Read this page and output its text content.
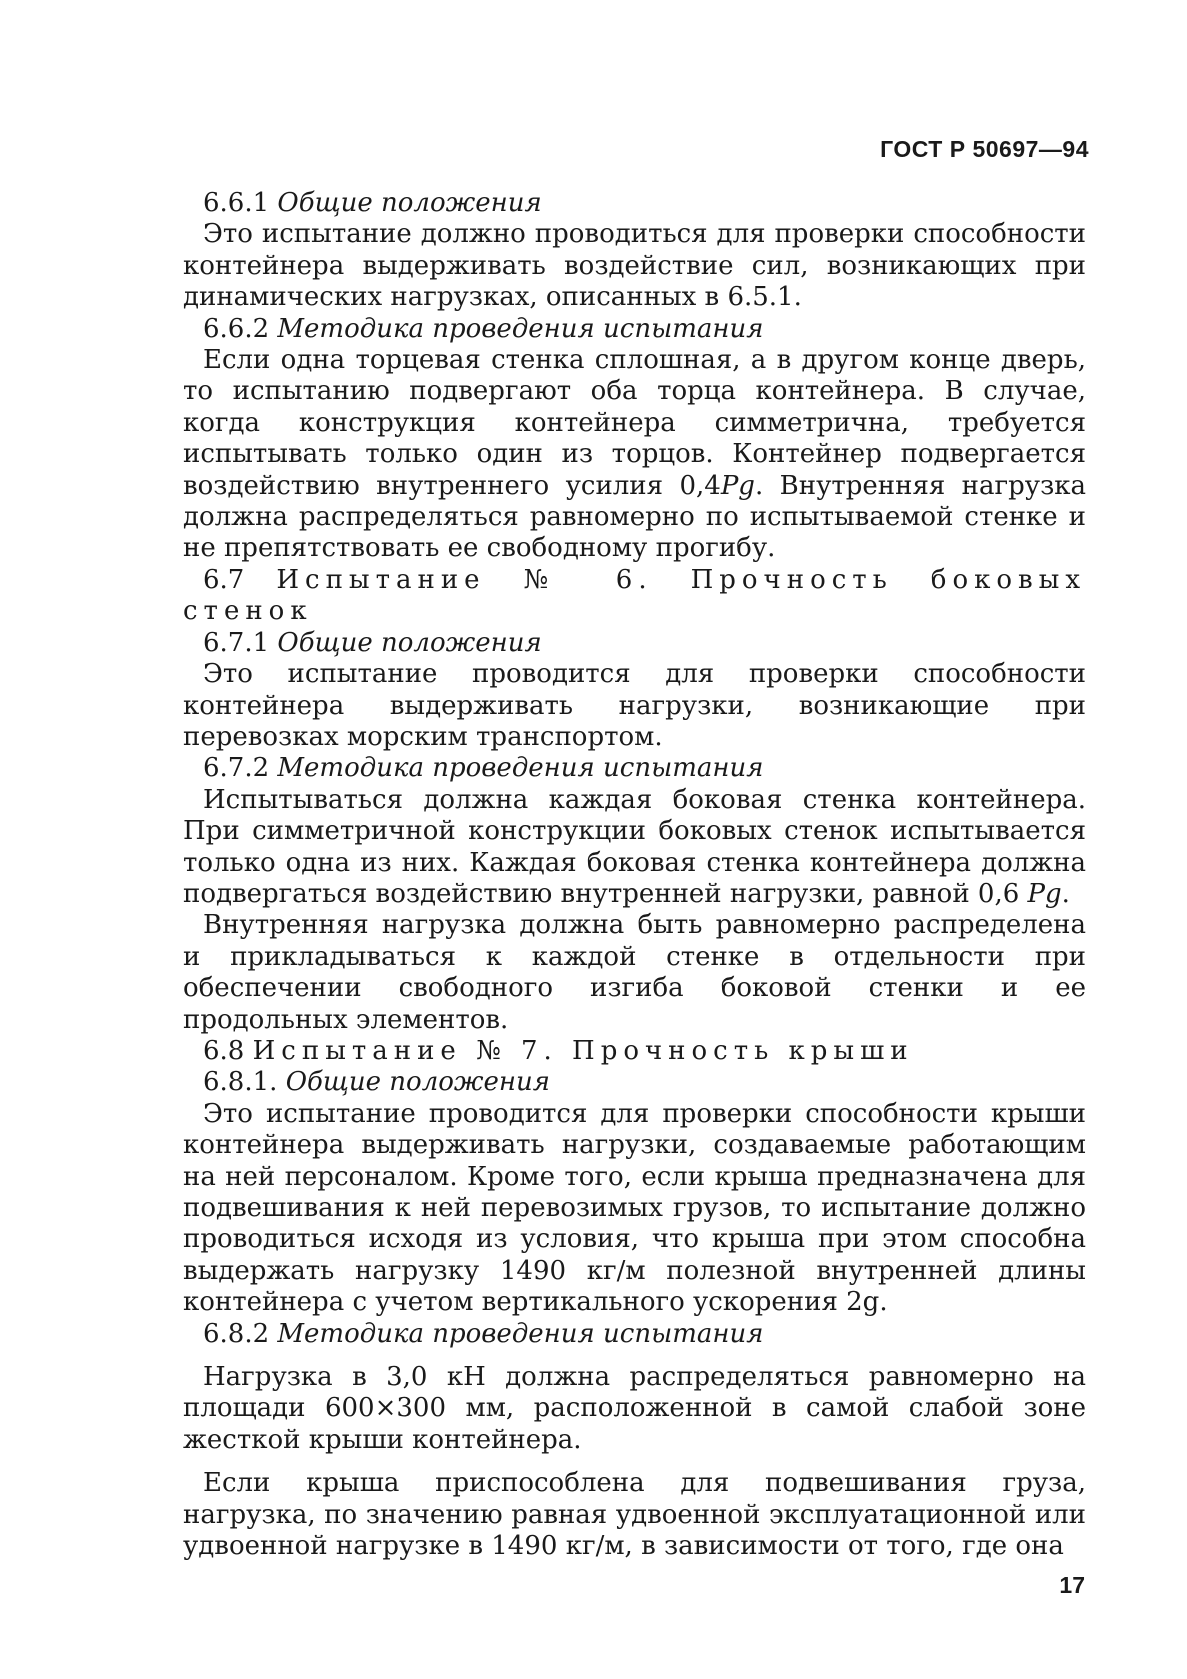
ГОСТ Р 50697—94

6.6.1 Общие положения

Это испытание должно проводиться для проверки способности контейнера выдерживать воздействие сил, возникающих при динамических нагрузках, описанных в 6.5.1.

6.6.2 Методика проведения испытания

Если одна торцевая стенка сплошная, а в другом конце дверь, то испытанию подвергают оба торца контейнера. В случае, когда конструкция контейнера симметрична, требуется испытывать только один из торцов. Контейнер подвергается воздействию внутреннего усилия 0,4Pg. Внутренняя нагрузка должна распределяться равномерно по испытываемой стенке и не препятствовать ее свободному прогибу.

6.7 Испытание № 6. Прочность боковых стенок

6.7.1 Общие положения

Это испытание проводится для проверки способности контейнера выдерживать нагрузки, возникающие при перевозках морским транспортом.

6.7.2 Методика проведения испытания

Испытываться должна каждая боковая стенка контейнера. При симметричной конструкции боковых стенок испытывается только одна из них. Каждая боковая стенка контейнера должна подвергаться воздействию внутренней нагрузки, равной 0,6 Pg.

Внутренняя нагрузка должна быть равномерно распределена и прикладываться к каждой стенке в отдельности при обеспечении свободного изгиба боковой стенки и ее продольных элементов.

6.8 Испытание № 7. Прочность крыши

6.8.1. Общие положения

Это испытание проводится для проверки способности крыши контейнера выдерживать нагрузки, создаваемые работающим на ней персоналом. Кроме того, если крыша предназначена для подвешивания к ней перевозимых грузов, то испытание должно проводиться исходя из условия, что крыша при этом способна выдержать нагрузку 1490 кг/м полезной внутренней длины контейнера с учетом вертикального ускорения 2g.

6.8.2 Методика проведения испытания

Нагрузка в 3,0 кН должна распределяться равномерно на площади 600×300 мм, расположенной в самой слабой зоне жесткой крыши контейнера.

Если крыша приспособлена для подвешивания груза, нагрузка, по значению равная удвоенной эксплуатационной или удвоенной нагрузке в 1490 кг/м, в зависимости от того, где она

17
